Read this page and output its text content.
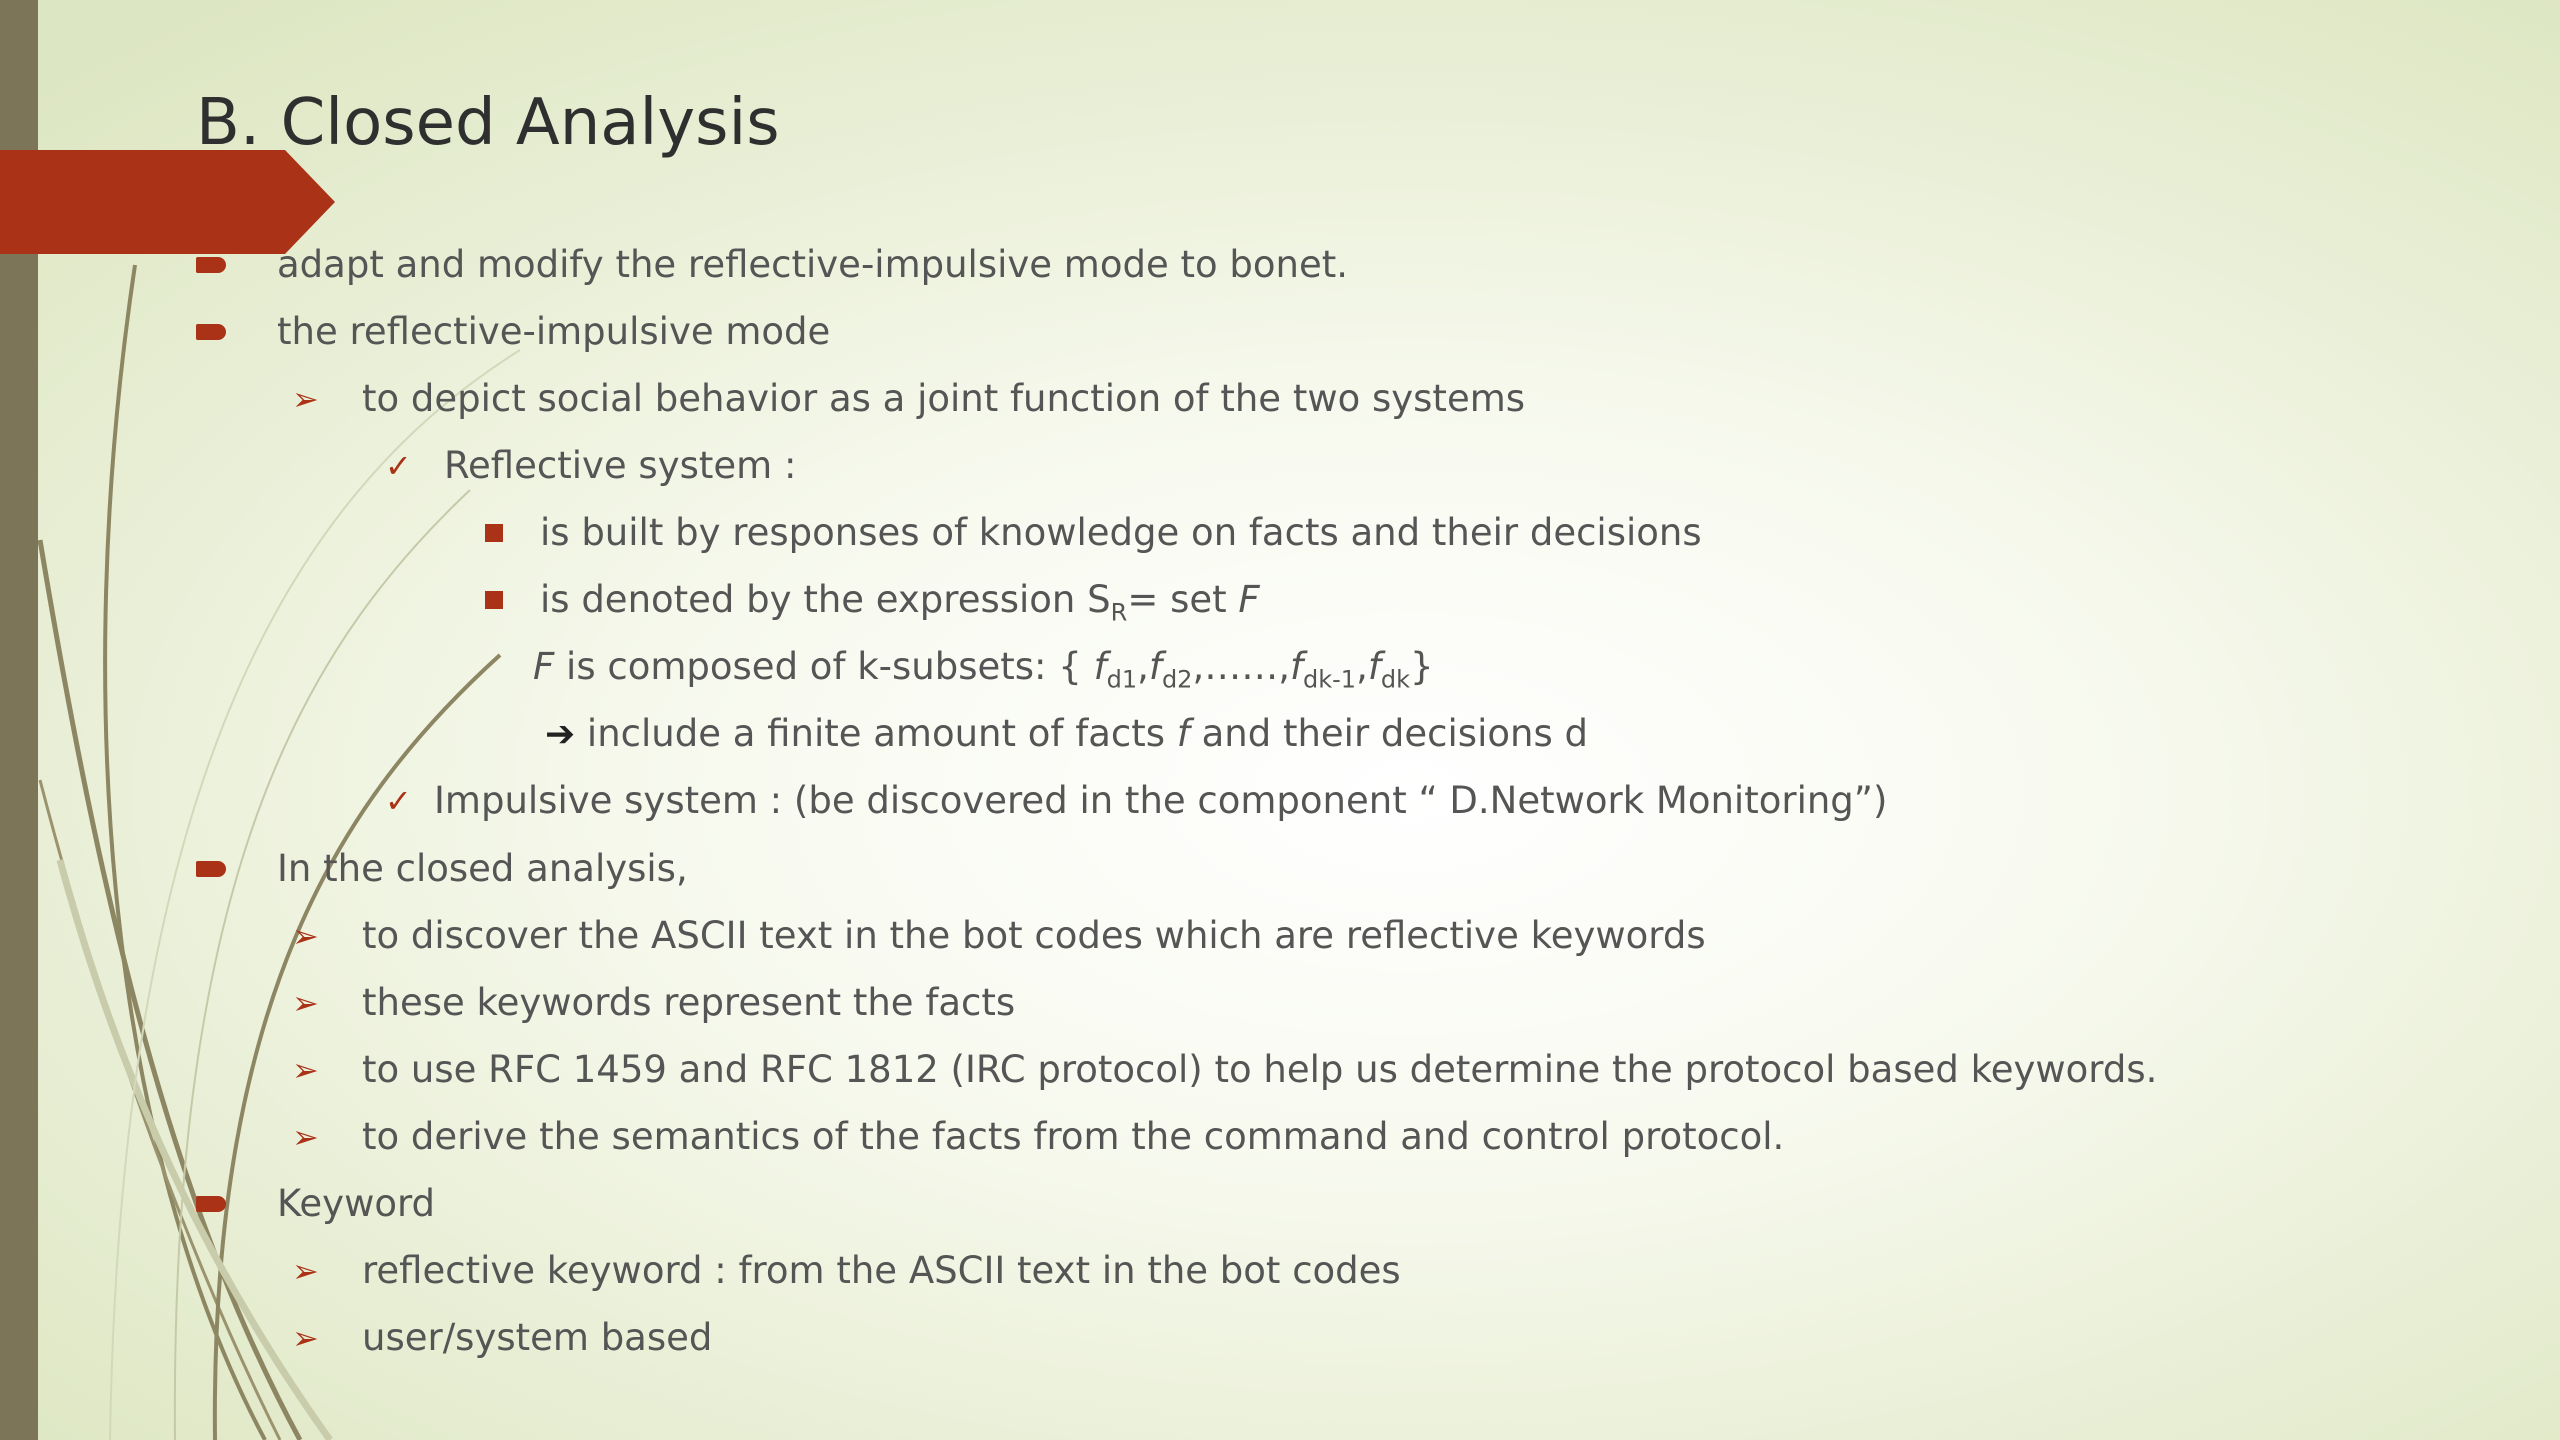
B. Closed Analysis
adapt and modify the reflective-impulsive mode to bonet.
the reflective-impulsive mode
➢ to depict social behavior as a joint function of the two systems
✓ Reflective system :
is built by responses of knowledge on facts and their decisions
is denoted by the expression $S_R=$ set F
F is composed of k-subsets: { $f_{d1},f_{d2},\dots\dots,f_{dk-1},f_{dk}$}
➔ include a finite amount of facts f and their decisions d
✓ Impulsive system : (be discovered in the component “ D.Network Monitoring”)
In the closed analysis,
➢ to discover the ASCII text in the bot codes which are reflective keywords
➢ these keywords represent the facts
➢ to use RFC 1459 and RFC 1812 (IRC protocol) to help us determine the protocol based keywords.
➢ to derive the semantics of the facts from the command and control protocol.
Keyword
➢ reflective keyword : from the ASCII text in the bot codes
➢ user/system based
